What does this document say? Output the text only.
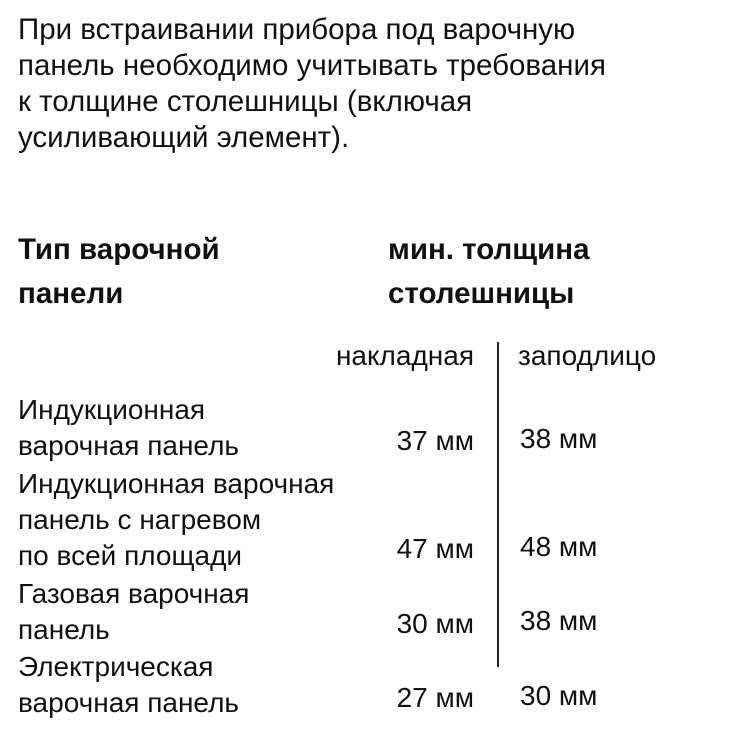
При встраивании прибора под варочную
панель необходимо учитывать требования
к толщине столешницы (включая
усиливающий элемент).

Тип варочной
панели
мин. толщина
столешницы
накладная заподлицо
Индукционная
варочная панель	37 мм 38 мм
Индукционная варочная
панель с нагревом
по всей площади	47 мм 48 мм
Газовая варочная
панель	30 мм 38 мм
Электрическая
варочная панель	27 мм 30 мм
